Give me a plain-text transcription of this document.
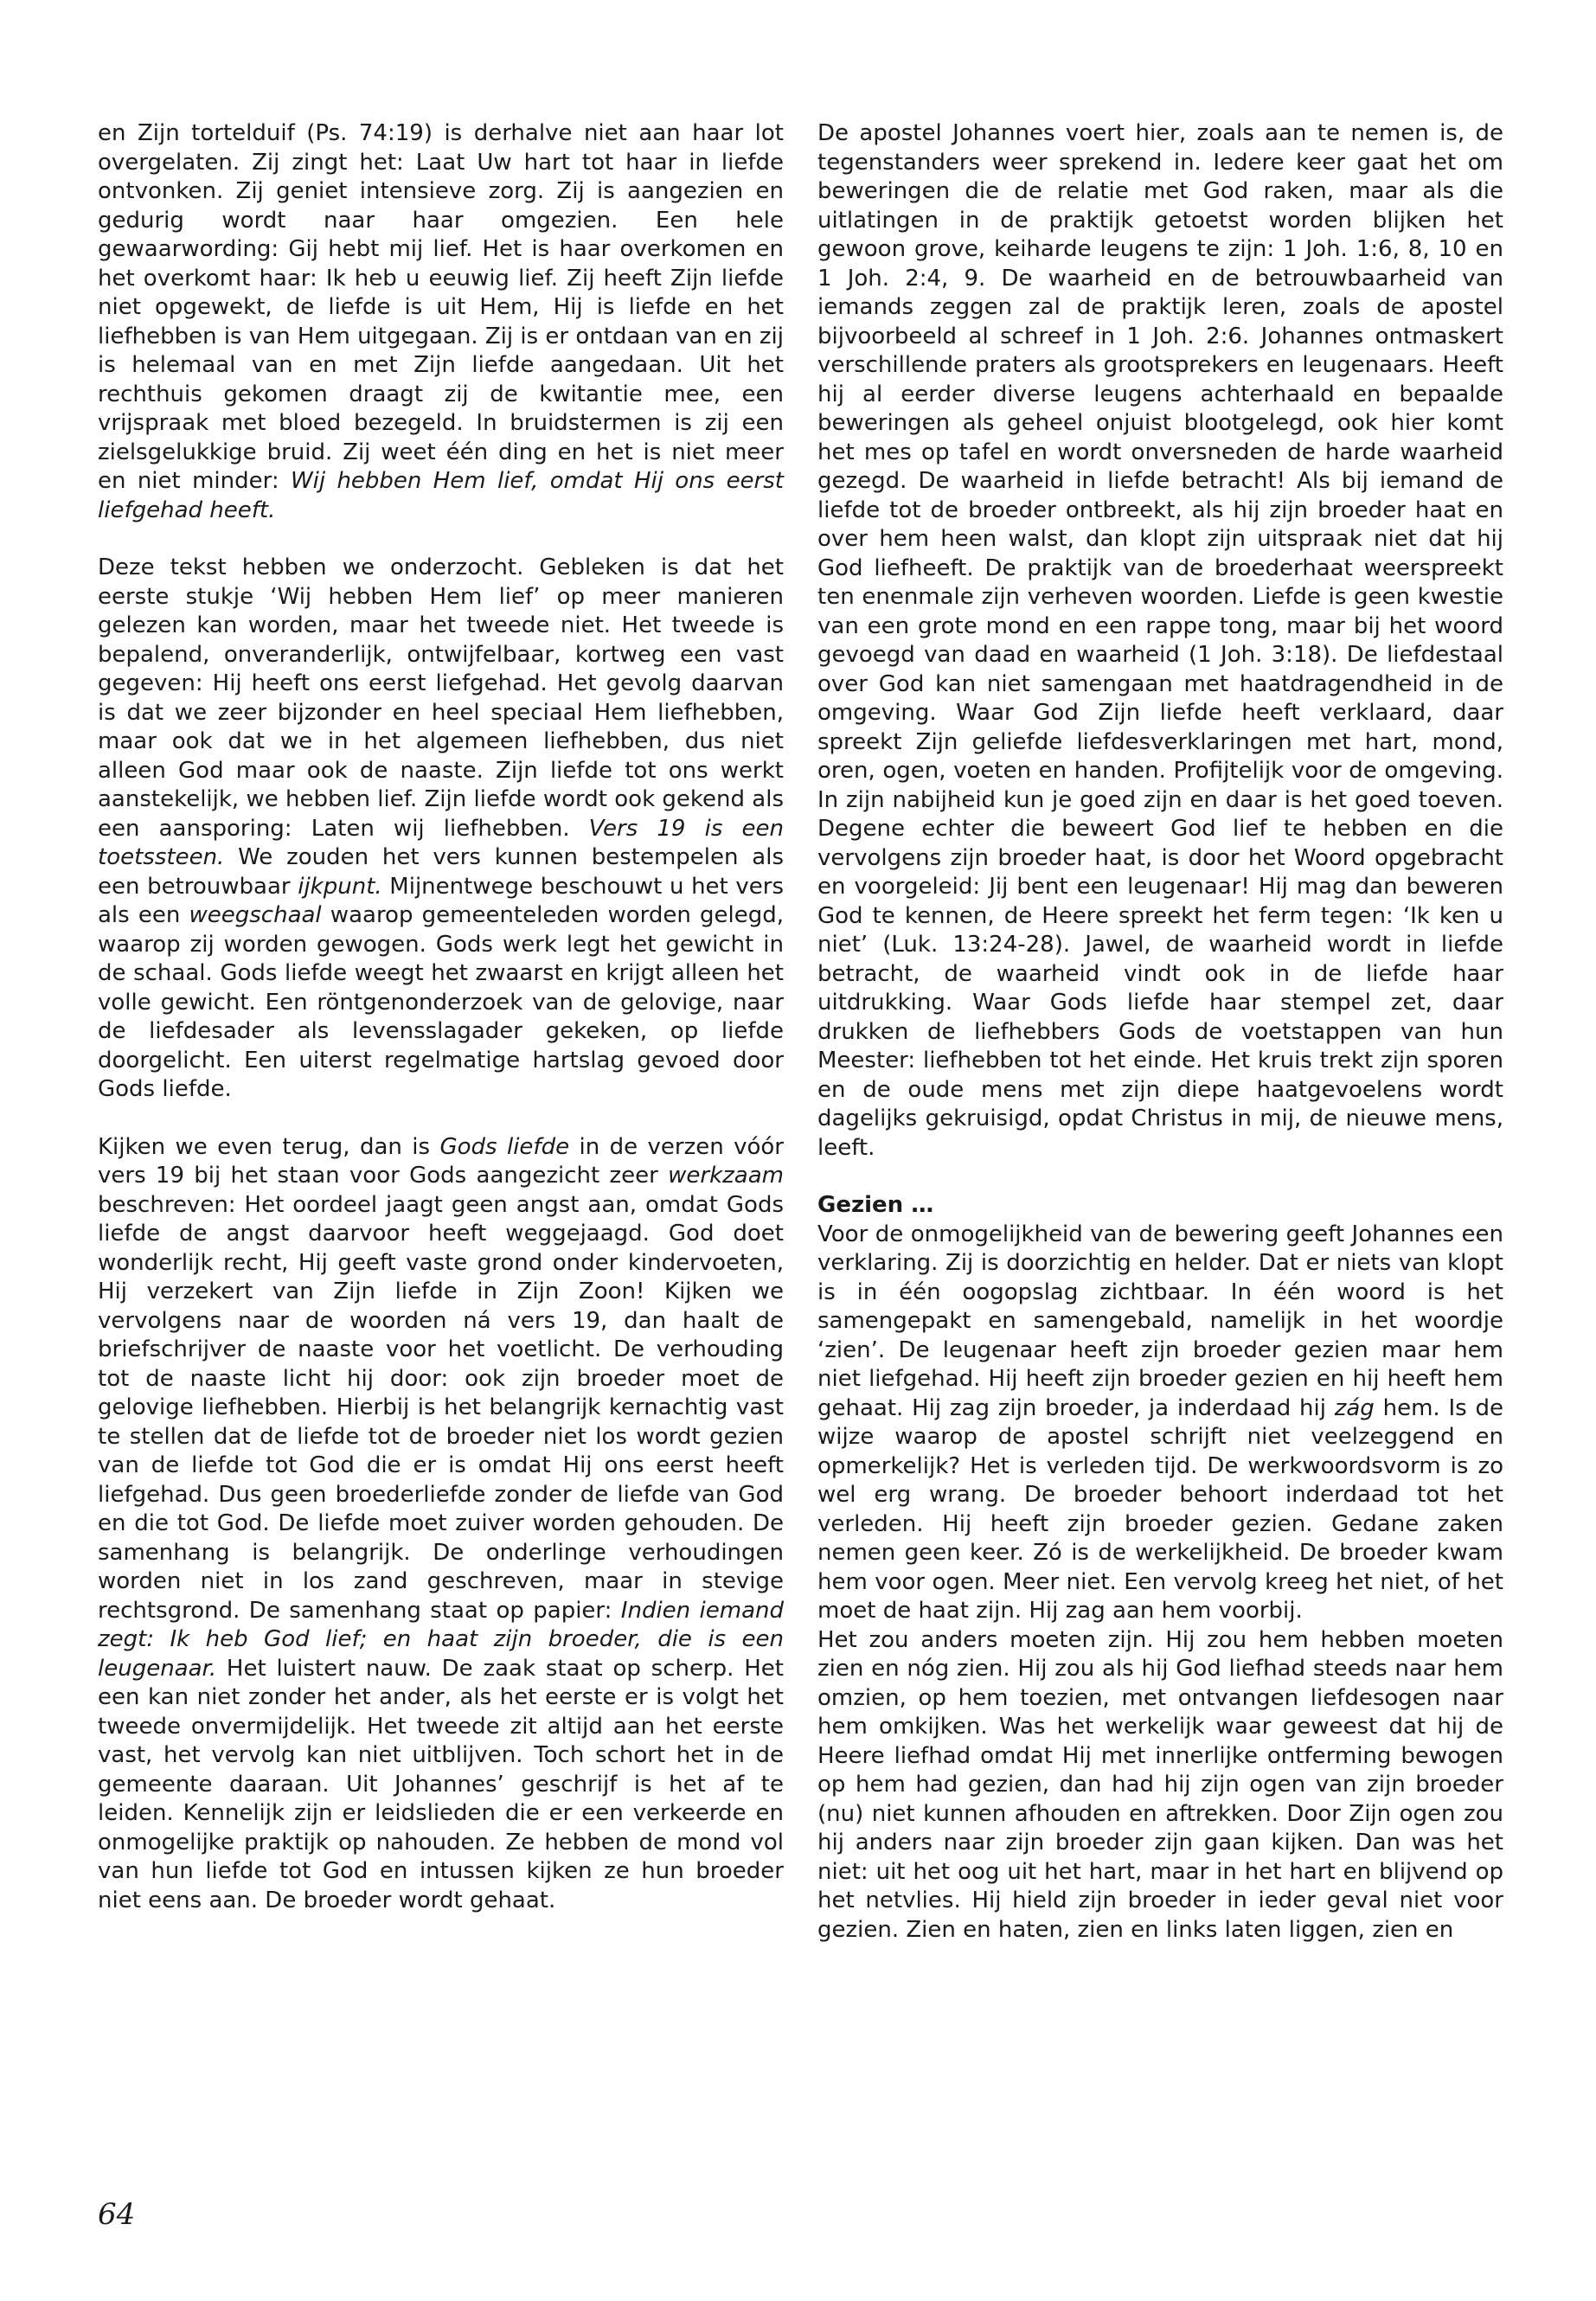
en Zijn tortelduif (Ps. 74:19) is derhalve niet aan haar lot overgelaten. Zij zingt het: Laat Uw hart tot haar in liefde ontvonken. Zij geniet intensieve zorg. Zij is aangezien en gedurig wordt naar haar omgezien. Een hele gewaarwording: Gij hebt mij lief. Het is haar overkomen en het overkomt haar: Ik heb u eeuwig lief. Zij heeft Zijn liefde niet opgewekt, de liefde is uit Hem, Hij is liefde en het liefhebben is van Hem uitgegaan. Zij is er ontdaan van en zij is helemaal van en met Zijn liefde aangedaan. Uit het rechthuis gekomen draagt zij de kwitantie mee, een vrijspraak met bloed bezegeld. In bruidstermen is zij een zielsgelukkige bruid. Zij weet één ding en het is niet meer en niet minder: Wij hebben Hem lief, omdat Hij ons eerst liefgehad heeft.

Deze tekst hebben we onderzocht. Gebleken is dat het eerste stukje ‘Wij hebben Hem lief’ op meer manieren gelezen kan worden, maar het tweede niet. Het tweede is bepalend, onveranderlijk, ontwijfelbaar, kortweg een vast gegeven: Hij heeft ons eerst liefgehad. Het gevolg daarvan is dat we zeer bijzonder en heel speciaal Hem liefhebben, maar ook dat we in het algemeen liefhebben, dus niet alleen God maar ook de naaste. Zijn liefde tot ons werkt aanstekelijk, we hebben lief. Zijn liefde wordt ook gekend als een aansporing: Laten wij liefhebben. Vers 19 is een toetssteen. We zouden het vers kunnen bestempelen als een betrouwbaar ijkpunt. Mijnentwege beschouwt u het vers als een weegschaal waarop gemeenteleden worden gelegd, waarop zij worden gewogen. Gods werk legt het gewicht in de schaal. Gods liefde weegt het zwaarst en krijgt alleen het volle gewicht. Een röntgenonderzoek van de gelovige, naar de liefdesader als levensslagader gekeken, op liefde doorgelicht. Een uiterst regelmatige hartslag gevoed door Gods liefde.

Kijken we even terug, dan is Gods liefde in de verzen vóór vers 19 bij het staan voor Gods aangezicht zeer werkzaam beschreven: Het oordeel jaagt geen angst aan, omdat Gods liefde de angst daarvoor heeft weggejaagd. God doet wonderlijk recht, Hij geeft vaste grond onder kindervoeten, Hij verzekert van Zijn liefde in Zijn Zoon! Kijken we vervolgens naar de woorden ná vers 19, dan haalt de briefschrijver de naaste voor het voetlicht. De verhouding tot de naaste licht hij door: ook zijn broeder moet de gelovige liefhebben. Hierbij is het belangrijk kernachtig vast te stellen dat de liefde tot de broeder niet los wordt gezien van de liefde tot God die er is omdat Hij ons eerst heeft liefgehad. Dus geen broederliefde zonder de liefde van God en die tot God. De liefde moet zuiver worden gehouden. De samenhang is belangrijk. De onderlinge verhoudingen worden niet in los zand geschreven, maar in stevige rechtsgrond. De samenhang staat op papier: Indien iemand zegt: Ik heb God lief; en haat zijn broeder, die is een leugenaar. Het luistert nauw. De zaak staat op scherp. Het een kan niet zonder het ander, als het eerste er is volgt het tweede onvermijdelijk. Het tweede zit altijd aan het eerste vast, het vervolg kan niet uitblijven. Toch schort het in de gemeente daaraan. Uit Johannes’ geschrijf is het af te leiden. Kennelijk zijn er leidslieden die er een verkeerde en onmogelijke praktijk op nahouden. Ze hebben de mond vol van hun liefde tot God en intussen kijken ze hun broeder niet eens aan. De broeder wordt gehaat.

De apostel Johannes voert hier, zoals aan te nemen is, de tegenstanders weer sprekend in. Iedere keer gaat het om beweringen die de relatie met God raken, maar als die uitlatingen in de praktijk getoetst worden blijken het gewoon grove, keiharde leugens te zijn: 1 Joh. 1:6, 8, 10 en 1 Joh. 2:4, 9. De waarheid en de betrouwbaarheid van iemands zeggen zal de praktijk leren, zoals de apostel bijvoorbeeld al schreef in 1 Joh. 2:6. Johannes ontmaskert verschillende praters als grootsprekers en leugenaars. Heeft hij al eerder diverse leugens achterhaald en bepaalde beweringen als geheel onjuist blootgelegd, ook hier komt het mes op tafel en wordt onversneden de harde waarheid gezegd. De waarheid in liefde betracht! Als bij iemand de liefde tot de broeder ontbreekt, als hij zijn broeder haat en over hem heen walst, dan klopt zijn uitspraak niet dat hij God liefheeft. De praktijk van de broederhaat weerspreekt ten enenmale zijn verheven woorden. Liefde is geen kwestie van een grote mond en een rappe tong, maar bij het woord gevoegd van daad en waarheid (1 Joh. 3:18). De liefdestaal over God kan niet samengaan met haatdragendheid in de omgeving. Waar God Zijn liefde heeft verklaard, daar spreekt Zijn geliefde liefdesverklaringen met hart, mond, oren, ogen, voeten en handen. Profijtelijk voor de omgeving. In zijn nabijheid kun je goed zijn en daar is het goed toeven. Degene echter die beweert God lief te hebben en die vervolgens zijn broeder haat, is door het Woord opgebracht en voorgeleid: Jij bent een leugenaar! Hij mag dan beweren God te kennen, de Heere spreekt het ferm tegen: ‘Ik ken u niet’ (Luk. 13:24-28). Jawel, de waarheid wordt in liefde betracht, de waarheid vindt ook in de liefde haar uitdrukking. Waar Gods liefde haar stempel zet, daar drukken de liefhebbers Gods de voetstappen van hun Meester: liefhebben tot het einde. Het kruis trekt zijn sporen en de oude mens met zijn diepe haatgevoelens wordt dagelijks gekruisigd, opdat Christus in mij, de nieuwe mens, leeft.

Gezien …

Voor de onmogelijkheid van de bewering geeft Johannes een verklaring. Zij is doorzichtig en helder. Dat er niets van klopt is in één oogopslag zichtbaar. In één woord is het samengepakt en samengebald, namelijk in het woordje ‘zien’. De leugenaar heeft zijn broeder gezien maar hem niet liefgehad. Hij heeft zijn broeder gezien en hij heeft hem gehaat. Hij zag zijn broeder, ja inderdaad hij zág hem. Is de wijze waarop de apostel schrijft niet veelzeggend en opmerkelijk? Het is verleden tijd. De werkwoordsvorm is zo wel erg wrang. De broeder behoort inderdaad tot het verleden. Hij heeft zijn broeder gezien. Gedane zaken nemen geen keer. Zó is de werkelijkheid. De broeder kwam hem voor ogen. Meer niet. Een vervolg kreeg het niet, of het moet de haat zijn. Hij zag aan hem voorbij.

Het zou anders moeten zijn. Hij zou hem hebben moeten zien en nóg zien. Hij zou als hij God liefhad steeds naar hem omzien, op hem toezien, met ontvangen liefdesogen naar hem omkijken. Was het werkelijk waar geweest dat hij de Heere liefhad omdat Hij met innerlijke ontferming bewogen op hem had gezien, dan had hij zijn ogen van zijn broeder (nu) niet kunnen afhouden en aftrekken. Door Zijn ogen zou hij anders naar zijn broeder zijn gaan kijken. Dan was het niet: uit het oog uit het hart, maar in het hart en blijvend op het netvlies. Hij hield zijn broeder in ieder geval niet voor gezien. Zien en haten, zien en links laten liggen, zien en

64
